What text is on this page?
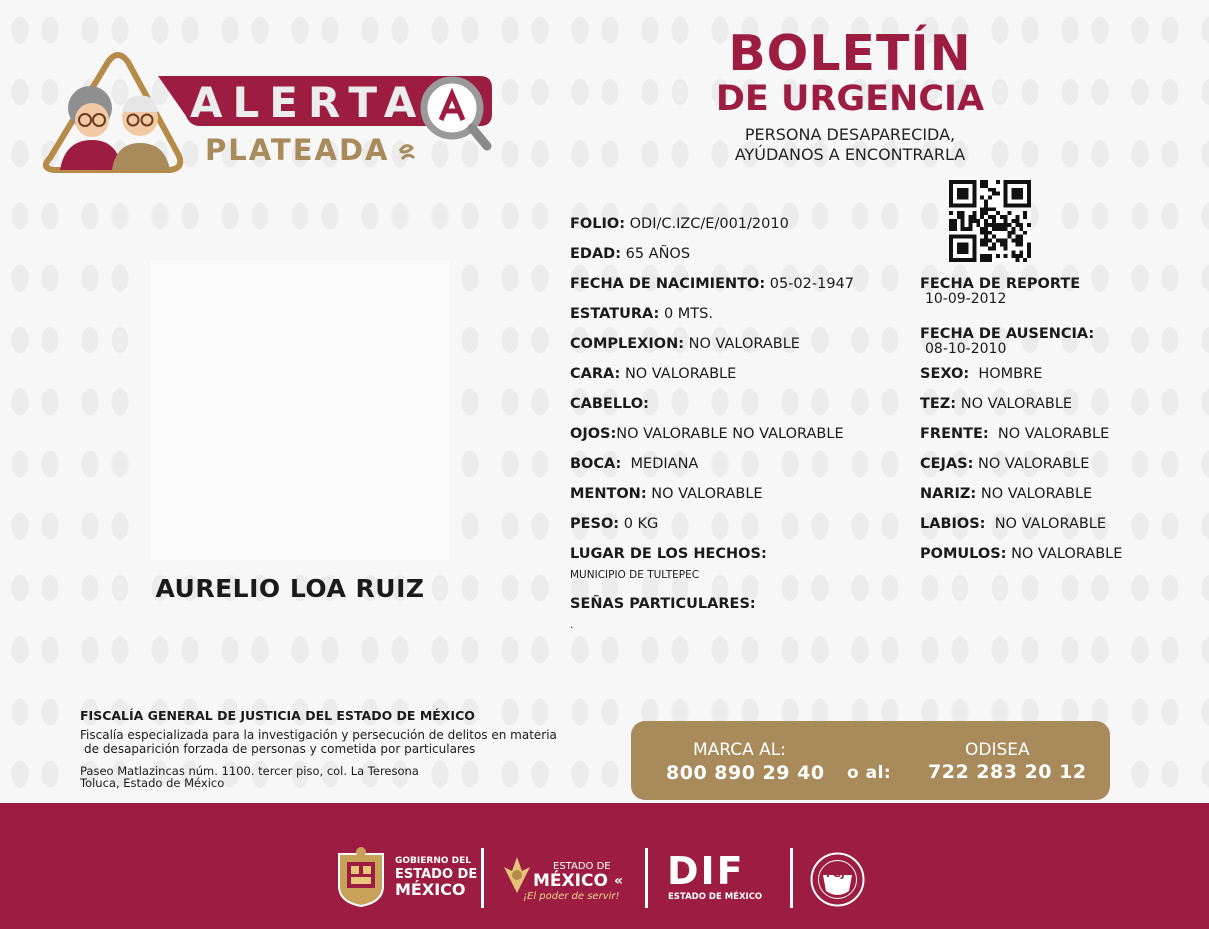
ALERTA
PLATEADA
BOLETÍN
DE URGENCIA
PERSONA DESAPARECIDA,
AYÚDANOS A ENCONTRARLA
AURELIO LOA RUIZ
FOLIO: ODI/C.IZC/E/001/2010
EDAD: 65 AÑOS
FECHA DE NACIMIENTO: 05-02-1947
ESTATURA: 0 MTS.
COMPLEXION: NO VALORABLE
CARA: NO VALORABLE
CABELLO:
OJOS:NO VALORABLE NO VALORABLE
BOCA:  MEDIANA
MENTON: NO VALORABLE
PESO: 0 KG
LUGAR DE LOS HECHOS:
MUNICIPIO DE TULTEPEC
SEÑAS PARTICULARES:
.
FECHA DE REPORTE
10-09-2012
FECHA DE AUSENCIA:
08-10-2010
SEXO:  HOMBRE
TEZ: NO VALORABLE
FRENTE:  NO VALORABLE
CEJAS: NO VALORABLE
NARIZ: NO VALORABLE
LABIOS:  NO VALORABLE
POMULOS: NO VALORABLE
FISCALÍA GENERAL DE JUSTICIA DEL ESTADO DE MÉXICO
Fiscalía especializada para la investigación y persecución de delitos en materia
de desaparición forzada de personas y cometida por particulares
Paseo Matlazincas núm. 1100. tercer piso, col. La Teresona
Toluca, Estado de México
MARCA AL:
800 890 29 40 o al:
ODISEA
722 283 20 12
GOBIERNO DEL
ESTADO DE
MÉXICO
ESTADO DE
MÉXICO
¡El poder de servir!
« DIF
ESTADO DE MÉXICO
FGJ
